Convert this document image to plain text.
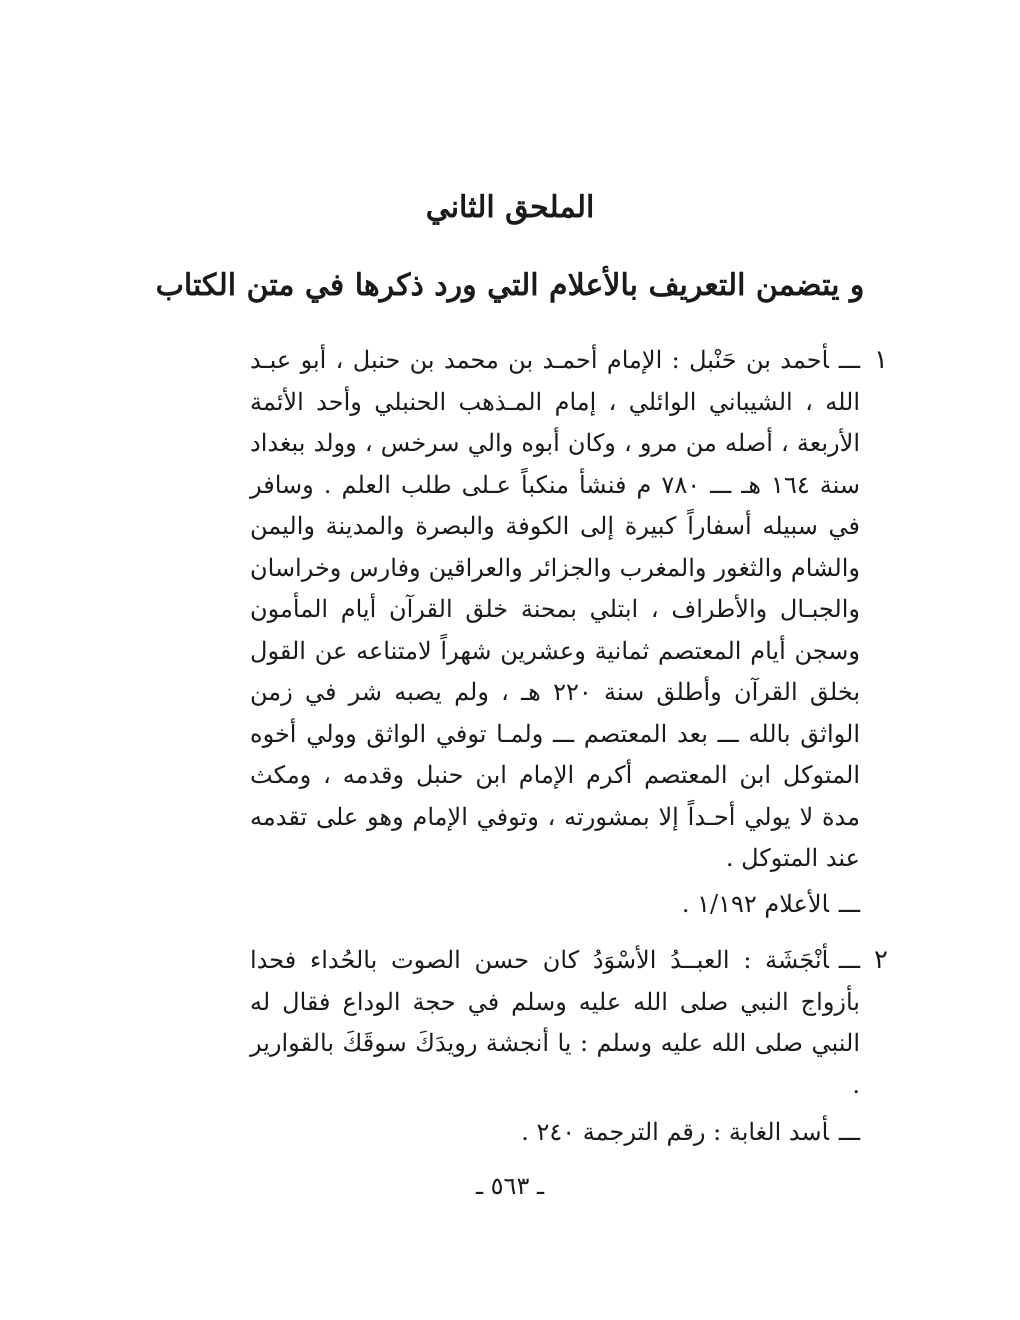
الملحق الثاني
و يتضمن التعريف بالأعلام التي ورد ذكرها في متن الكتاب
١

ـــأحمد بن حَنْبل : الإمام أحمـد بن محمد بن حنبل ، أبو عبـد الله ، الشيباني الوائلي ، إمام المـذهب الحنبلي وأحد الأئمة الأربعة ، أصله من مرو ، وكان أبوه والي سرخس ، وولد ببغداد سنة ١٦٤ هـ ـــ ٧٨٠ م فنشأ منكباً عـلى طلب العلم . وسافر في سبيله أسفاراً كبيرة إلى الكوفة والبصرة والمدينة واليمن والشام والثغور والمغرب والجزائر والعراقين وفارس وخراسان والجبـال والأطراف ، ابتلي بمحنة خلق القرآن أيام المأمون وسجن أيام المعتصم ثمانية وعشرين شهراً لامتناعه عن القول بخلق القرآن وأطلق سنة ٢٢٠ هـ ، ولم يصبه شر في زمن الواثق بالله ـــ بعد المعتصم ـــ ولمـا توفي الواثق وولي أخوه المتوكل ابن المعتصم أكرم الإمام ابن حنبل وقدمه ، ومكث مدة لا يولي أحـداً إلا بمشورته ، وتوفي الإمام وهو على تقدمه عند المتوكل .

ـــالأعلام ١/١٩٢ .

٢

ـــأنْجَشَة : العبــدُ الأسْوَدُ كان حسن الصوت بالحُداء فحدا بأزواج النبي صلى الله عليه وسلم في حجة الوداع فقال له النبي صلى الله عليه وسلم : يا أنجشة رويدَكَ سوقَكَ بالقوارير .

ـــأسد الغابة : رقم الترجمة ٢٤٠ .

ـ ٥٦٣ ـ
